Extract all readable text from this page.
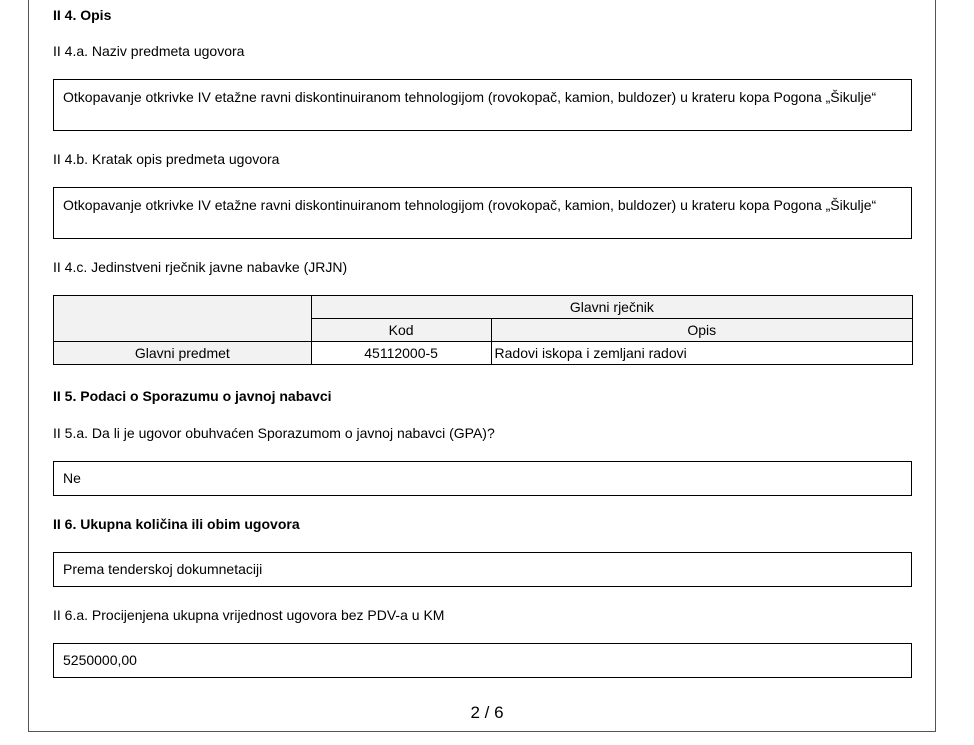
II 4. Opis
II 4.a. Naziv predmeta ugovora
Otkopavanje otkrivke IV etažne ravni diskontinuiranom tehnologijom (rovokopač, kamion, buldozer) u krateru kopa Pogona „Šikulje“
II 4.b. Kratak opis predmeta ugovora
Otkopavanje otkrivke IV etažne ravni diskontinuiranom tehnologijom (rovokopač, kamion, buldozer) u krateru kopa Pogona „Šikulje“
II 4.c. Jedinstveni rječnik javne nabavke (JRJN)
	Glavni rječnik	
	Kod	Opis
Glavni predmet	45112000-5	Radovi iskopa i zemljani radovi
II 5. Podaci o Sporazumu o javnoj nabavci
II 5.a. Da li je ugovor obuhvaćen Sporazumom o javnoj nabavci (GPA)?
Ne
II 6. Ukupna količina ili obim ugovora
Prema tenderskoj dokumnetaciji
II 6.a. Procijenjena ukupna vrijednost ugovora bez PDV-a u KM
5250000,00
2 / 6
